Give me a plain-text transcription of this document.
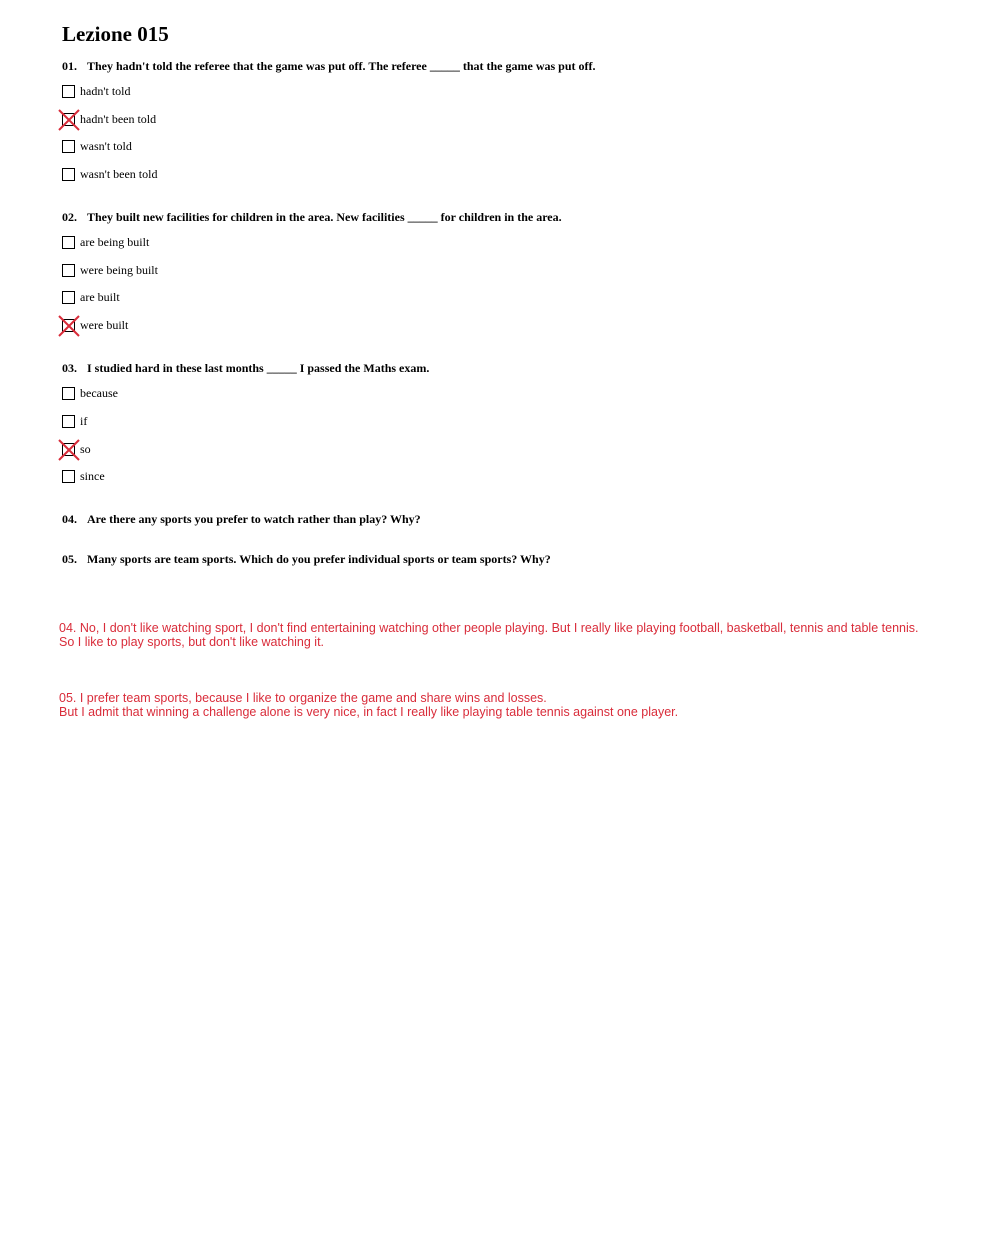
Lezione 015
01. They hadn't told the referee that the game was put off. The referee _____ that the game was put off.
hadn't told
hadn't been told
wasn't told
wasn't been told
02. They built new facilities for children in the area. New facilities _____ for children in the area.
are being built
were being built
are built
were built
03. I studied hard in these last months _____ I passed the Maths exam.
because
if
so
since
04. Are there any sports you prefer to watch rather than play? Why?
05. Many sports are team sports. Which do you prefer individual sports or team sports? Why?
04. No, I don't like watching sport, I don't find entertaining watching other people playing. But I really like playing football, basketball, tennis and table tennis.
So I like to play sports, but don't like watching it.
05. I prefer team sports, because I like to organize the game and share wins and losses.
But I admit that winning a challenge alone is very nice, in fact I really like playing table tennis against one player.
